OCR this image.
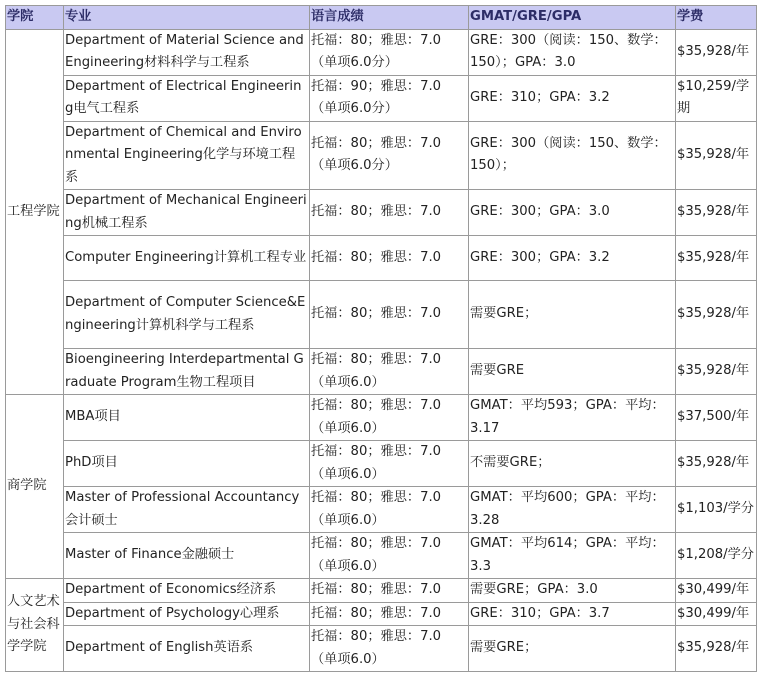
学院	专业	语言成绩	GMAT/GRE/GPA	学费
工程学院	Department of Material Science and Engineering材料科学与工程系	托福：80；雅思：7.0（单项6.0分）	GRE：300（阅读：150、数学：150）；GPA：3.0	$35,928/年
	Department of Electrical Engineering电气工程系	托福：90；雅思：7.0（单项6.0分）	GRE：310；GPA：3.2	$10,259/学期
	Department of Chemical and Environmental Engineering化学与环境工程系	托福：80；雅思：7.0（单项6.0分）	GRE：300（阅读：150、数学：150）；	$35,928/年
	Department of Mechanical Engineering机械工程系	托福：80；雅思：7.0	GRE：300；GPA：3.0	$35,928/年
	Computer Engineering计算机工程专业	托福：80；雅思：7.0	GRE：300；GPA：3.2	$35,928/年
	Department of Computer Science&Engineering计算机科学与工程系	托福：80；雅思：7.0	需要GRE；	$35,928/年
	Bioengineering Interdepartmental Graduate Program生物工程项目	托福：80；雅思：7.0（单项6.0）	需要GRE	$35,928/年
商学院	MBA项目	托福：80；雅思：7.0（单项6.0）	GMAT：平均593；GPA：平均：3.17	$37,500/年
	PhD项目	托福：80；雅思：7.0（单项6.0）	不需要GRE；	$35,928/年
	Master of Professional Accountancy会计硕士	托福：80；雅思：7.0（单项6.0）	GMAT：平均600；GPA：平均：3.28	$1,103/学分
	Master of Finance金融硕士	托福：80；雅思：7.0（单项6.0）	GMAT：平均614；GPA：平均：3.3	$1,208/学分
人文艺术与社会科学学院	Department of Economics经济系	托福：80；雅思：7.0	需要GRE；GPA：3.0	$30,499/年
	Department of Psychology心理系	托福：80；雅思：7.0	GRE：310；GPA：3.7	$30,499/年
	Department of English英语系	托福：80；雅思：7.0（单项6.0）	需要GRE；	$35,928/年
